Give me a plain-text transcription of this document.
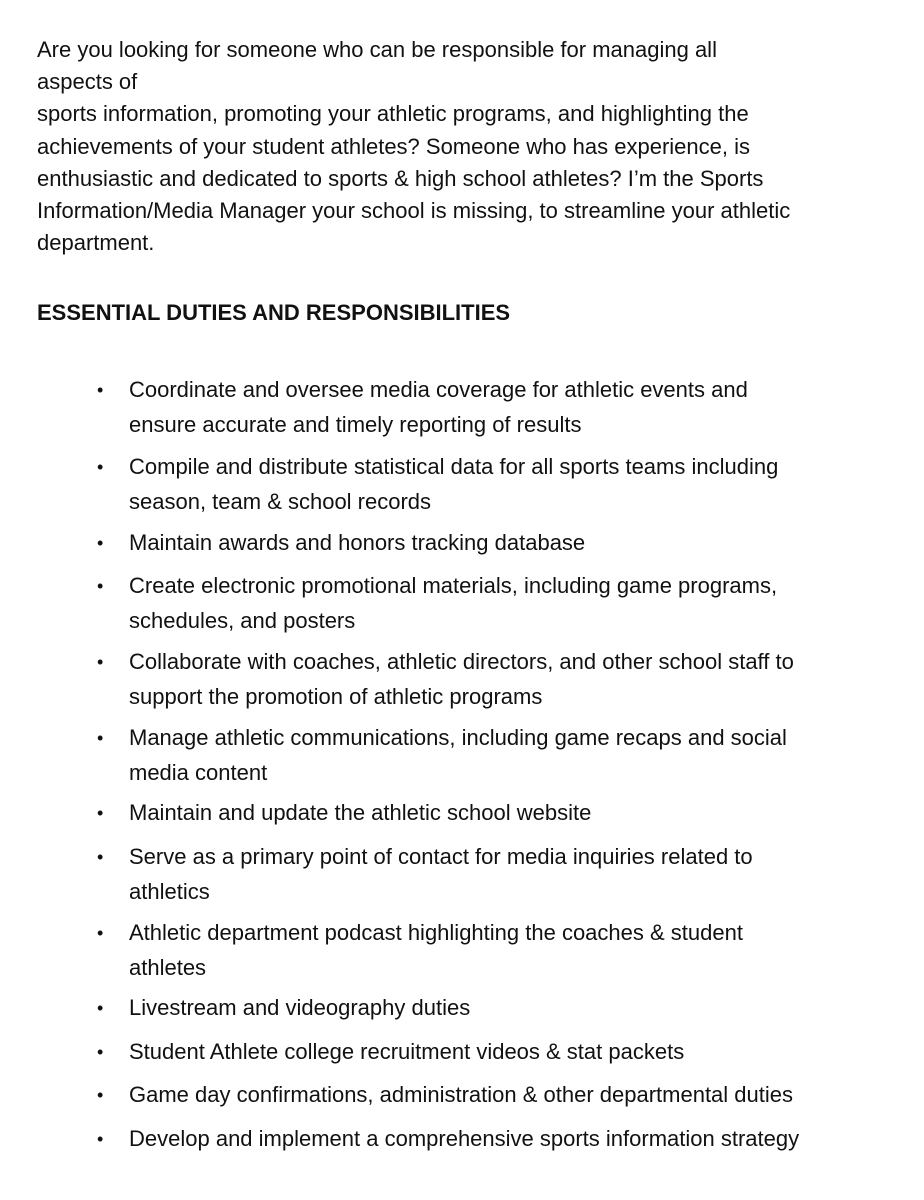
Are you looking for someone who can be responsible for managing all
aspects of
sports information, promoting your athletic programs, and highlighting the
achievements of your student athletes? Someone who has experience, is
enthusiastic and dedicated to sports & high school athletes? I’m the Sports
Information/Media Manager your school is missing, to streamline your athletic
department.
ESSENTIAL DUTIES AND RESPONSIBILITIES
• Coordinate and oversee media coverage for athletic events and
ensure accurate and timely reporting of results
• Compile and distribute statistical data for all sports teams including
season, team & school records
• Maintain awards and honors tracking database
• Create electronic promotional materials, including game programs,
schedules, and posters
• Collaborate with coaches, athletic directors, and other school staff to
support the promotion of athletic programs
• Manage athletic communications, including game recaps and social
media content
• Maintain and update the athletic school website
• Serve as a primary point of contact for media inquiries related to
athletics
• Athletic department podcast highlighting the coaches & student
athletes
• Livestream and videography duties
• Student Athlete college recruitment videos & stat packets
• Game day confirmations, administration & other departmental duties
• Develop and implement a comprehensive sports information strategy
